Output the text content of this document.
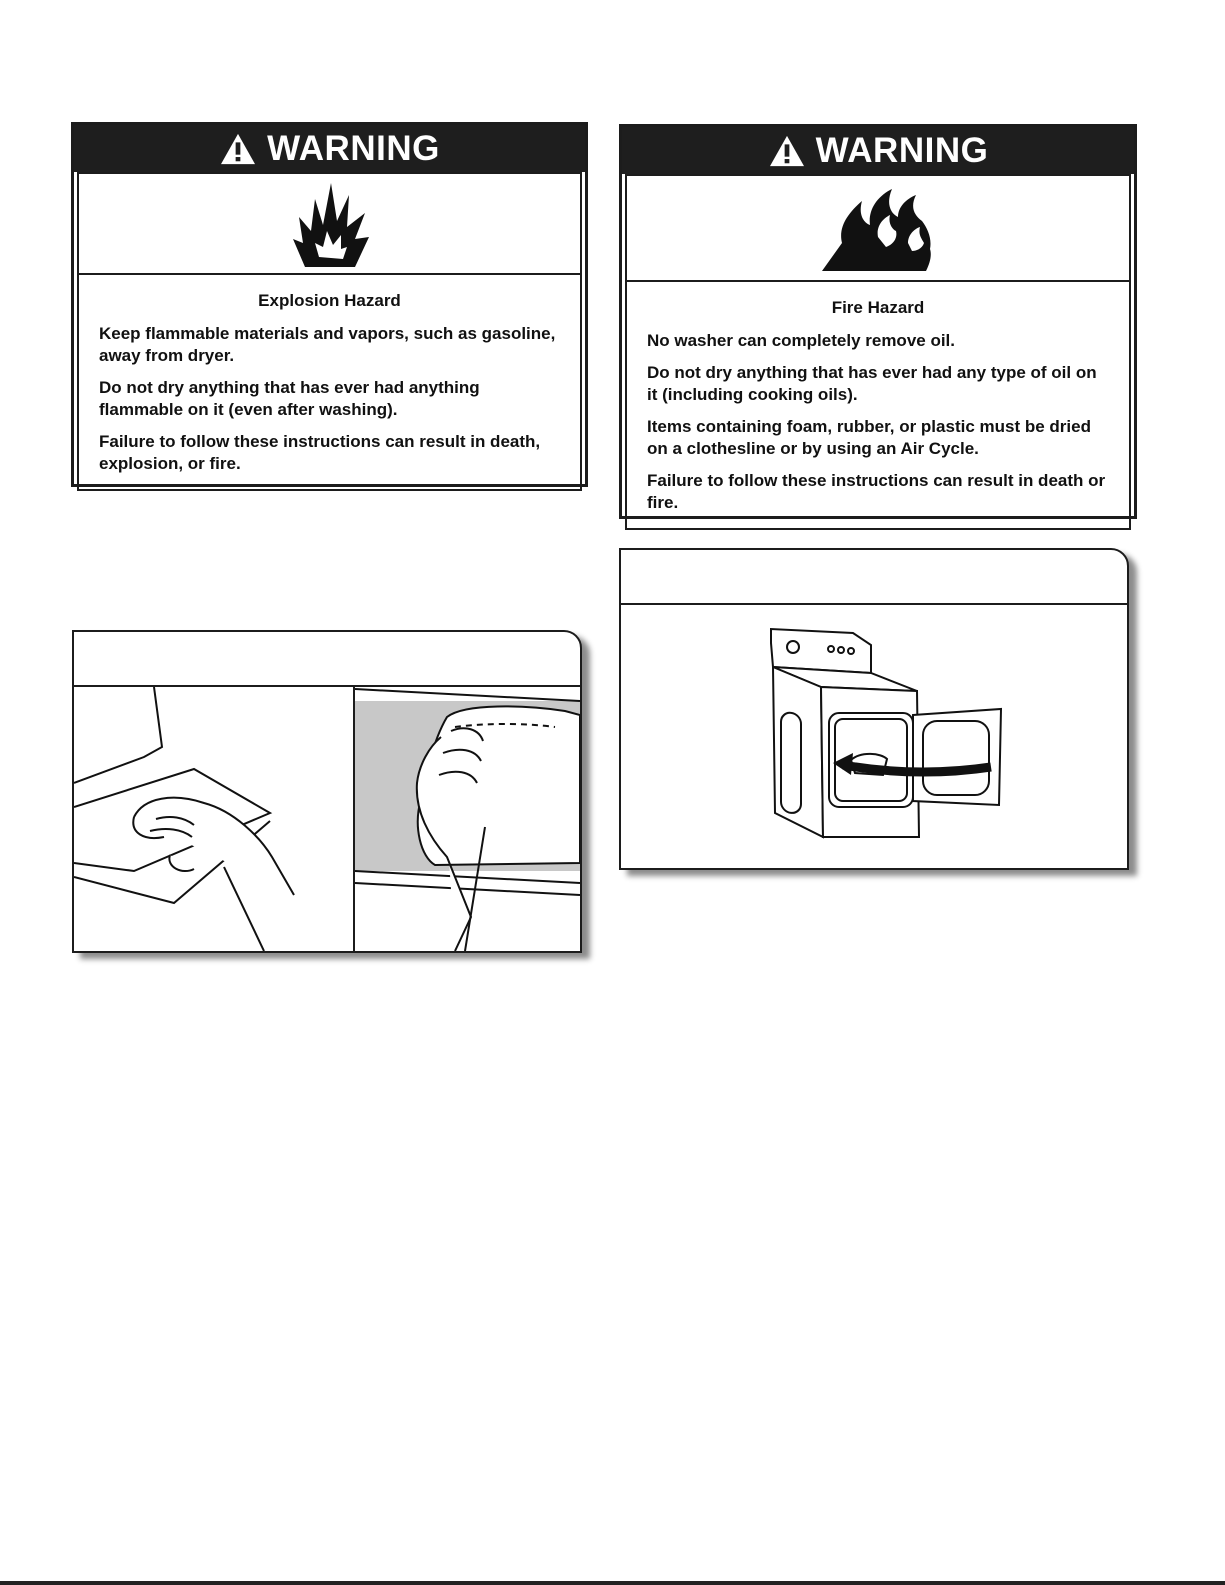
WARNING
Explosion Hazard
Keep flammable materials and vapors, such as gasoline, away from dryer.
Do not dry anything that has ever had anything flammable on it (even after washing).
Failure to follow these instructions can result in death, explosion, or fire.
WARNING
Fire Hazard
No washer can completely remove oil.
Do not dry anything that has ever had any type of oil on it (including cooking oils).
Items containing foam, rubber, or plastic must be dried on a clothesline or by using an Air Cycle.
Failure to follow these instructions can result in death or fire.
